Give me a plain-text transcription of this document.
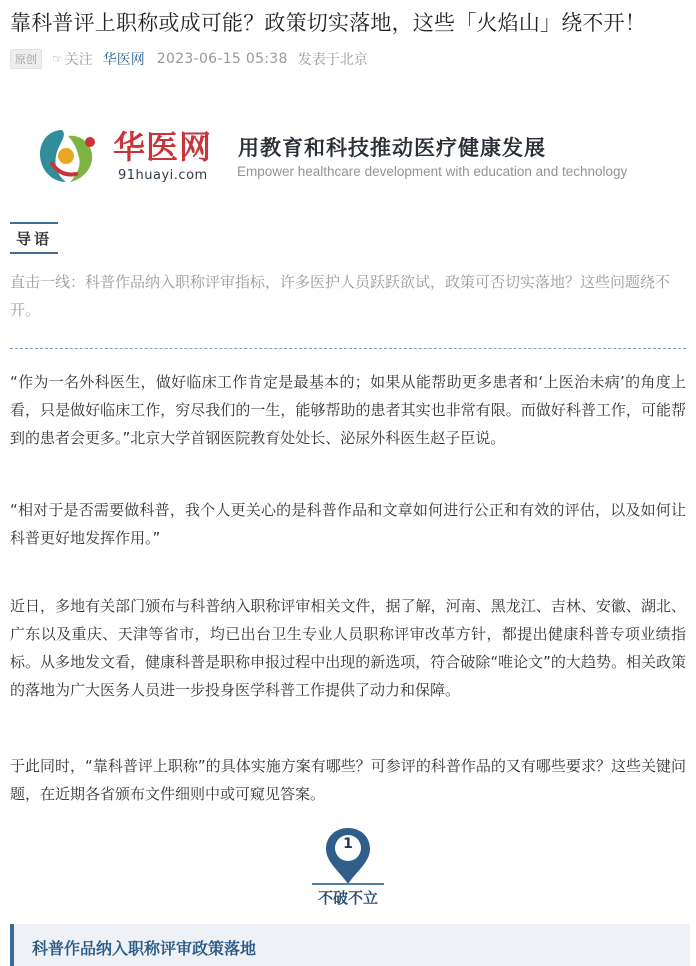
靠科普评上职称或成可能？政策切实落地，这些「火焰山」绕不开！
原创	☞ 关注 华医网 2023-06-15 05:38 发表于北京
华医网
91huayi.com
用教育和科技推动医疗健康发展
Empower healthcare development with education and technology
导语
直击一线：科普作品纳入职称评审指标，许多医护人员跃跃欲试，政策可否切实落地？这些问题绕不开。
“作为一名外科医生，做好临床工作肯定是最基本的；如果从能帮助更多患者和‘上医治未病’的角度上看，只是做好临床工作，穷尽我们的一生，能够帮助的患者其实也非常有限。而做好科普工作，可能帮到的患者会更多。”北京大学首钢医院教育处处长、泌尿外科医生赵子臣说。
“相对于是否需要做科普，我个人更关心的是科普作品和文章如何进行公正和有效的评估，以及如何让科普更好地发挥作用。”
近日，多地有关部门颁布与科普纳入职称评审相关文件，据了解，河南、黑龙江、吉林、安徽、湖北、广东以及重庆、天津等省市，均已出台卫生专业人员职称评审改革方针，都提出健康科普专项业绩指标。从多地发文看，健康科普是职称申报过程中出现的新选项，符合破除“唯论文”的大趋势。相关政策的落地为广大医务人员进一步投身医学科普工作提供了动力和保障。
于此同时，“靠科普评上职称”的具体实施方案有哪些？可参评的科普作品的又有哪些要求？这些关键问题，在近期各省颁布文件细则中或可窥见答案。
1
不破不立
科普作品纳入职称评审政策落地
